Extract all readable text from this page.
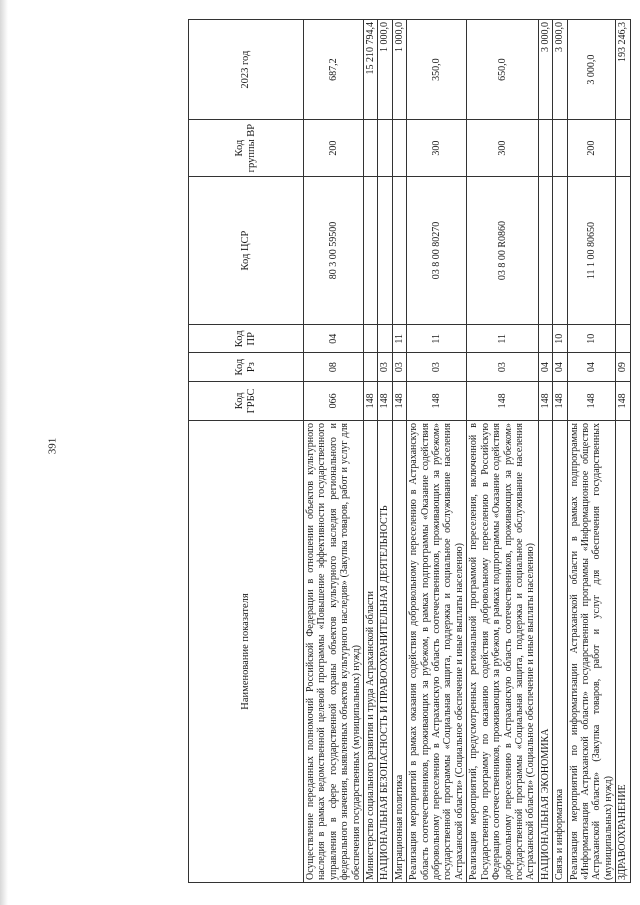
391
Наименование показателя	Код ГРБС	Код Рз	Код ПР	Код ЦСР	Код группы ВР	2023 год
Осуществление переданных полномочий Российской Федерации в отношении объектов культурного наследия в рамках ведомственной целевой программы «Повышение эффективности государственного управления в сфере государственной охраны объектов культурного наследия регионального и федерального значения, выявленных объектов культурного наследия» (Закупка товаров, работ и услуг для обеспечения государственных (муниципальных) нужд)	066	08	04	80 3 00 59500	200	687,2
Министерство социального развития и труда Астраханской области	148					15 210 794,4
НАЦИОНАЛЬНАЯ БЕЗОПАСНОСТЬ И ПРАВООХРАНИТЕЛЬНАЯ ДЕЯТЕЛЬНОСТЬ	148	03				1 000,0
Миграционная политика	148	03	11			1 000,0
Реализация мероприятий в рамках оказания содействия добровольному переселению в Астраханскую область соотечественников, проживающих за рубежом, в рамках подпрограммы «Оказание содействия добровольному переселению в Астраханскую область соотечественников, проживающих за рубежом» государственной программы «Социальная защита, поддержка и социальное обслуживание населения Астраханской области» (Социальное обеспечение и иные выплаты населению)	148	03	11	03 8 00 80270	300	350,0
Реализация мероприятий, предусмотренных региональной программой переселения, включенной в Государственную программу по оказанию содействия добровольному переселению в Российскую Федерацию соотечественников, проживающих за рубежом, в рамках подпрограммы «Оказание содействия добровольному переселению в Астраханскую область соотечественников, проживающих за рубежом» государственной программы «Социальная защита, поддержка и социальное обслуживание населения Астраханской области» (Социальное обеспечение и иные выплаты населению)	148	03	11	03 8 00 R0860	300	650,0
НАЦИОНАЛЬНАЯ ЭКОНОМИКА	148	04				3 000,0
Связь и информатика	148	04	10			3 000,0
Реализация мероприятий по информатизации Астраханской области в рамках подпрограммы «Информатизация Астраханской области» государственной программы «Информационное общество Астраханской области» (Закупка товаров, работ и услуг для обеспечения государственных (муниципальных) нужд)	148	04	10	11 1 00 80650	200	3 000,0
ЗДРАВООХРАНЕНИЕ	148	09				193 246,3
